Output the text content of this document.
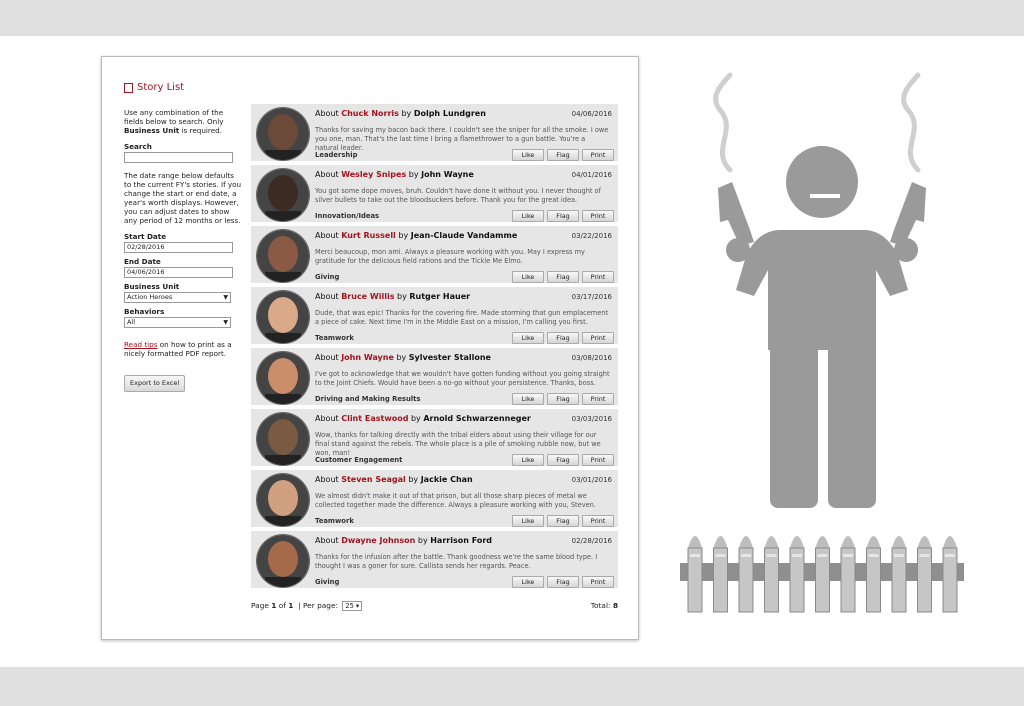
Story List

Use any combination of the fields below to search. Only Business Unit is required.

Search

The date range below defaults to the current FY's stories. If you change the start or end date, a year's worth displays. However, you can adjust dates to show any period of 12 months or less.

Start Date
02/28/2016
End Date
04/06/2016
Business Unit
Action Heroes	▼
Behaviors
All	▼

Read tips on how to print as a nicely formatted PDF report.

Export to Excel
About Chuck Norris by Dolph Lundgren	04/06/2016
Thanks for saving my bacon back there. I couldn't see the sniper for all the smoke. I owe you one, man. That's the last time I bring a flamethrower to a gun battle. You're a natural leader.
Leadership	Like	Flag	Print
About Wesley Snipes by John Wayne	04/01/2016
You got some dope moves, bruh. Couldn't have done it without you. I never thought of silver bullets to take out the bloodsuckers before. Thank you for the great idea.
Innovation/Ideas	Like	Flag	Print
About Kurt Russell by Jean-Claude Vandamme	03/22/2016
Merci beaucoup, mon ami. Always a pleasure working with you. May I express my gratitude for the delicious field rations and the Tickle Me Elmo.
Giving	Like	Flag	Print
About Bruce Willis by Rutger Hauer	03/17/2016
Dude, that was epic! Thanks for the covering fire. Made storming that gun emplacement a piece of cake. Next time I'm in the Middle East on a mission, I'm calling you first.
Teamwork	Like	Flag	Print
About John Wayne by Sylvester Stallone	03/08/2016
I've got to acknowledge that we wouldn't have gotten funding without you going straight to the Joint Chiefs. Would have been a no-go without your persistence. Thanks, boss.
Driving and Making Results	Like	Flag	Print
About Clint Eastwood by Arnold Schwarzenneger	03/03/2016
Wow, thanks for talking directly with the tribal elders about using their village for our final stand against the rebels. The whole place is a pile of smoking rubble now, but we won, man!
Customer Engagement	Like	Flag	Print
About Steven Seagal by Jackie Chan	03/01/2016
We almost didn't make it out of that prison, but all those sharp pieces of metal we collected together made the difference. Always a pleasure working with you, Steven.
Teamwork	Like	Flag	Print
About Dwayne Johnson by Harrison Ford	02/28/2016
Thanks for the infusion after the battle. Thank goodness we're the same blood type. I thought I was a goner for sure. Callista sends her regards. Peace.
Giving	Like	Flag	Print
Page 1 of 1 | Per page: 25 ▾	Total: 8
